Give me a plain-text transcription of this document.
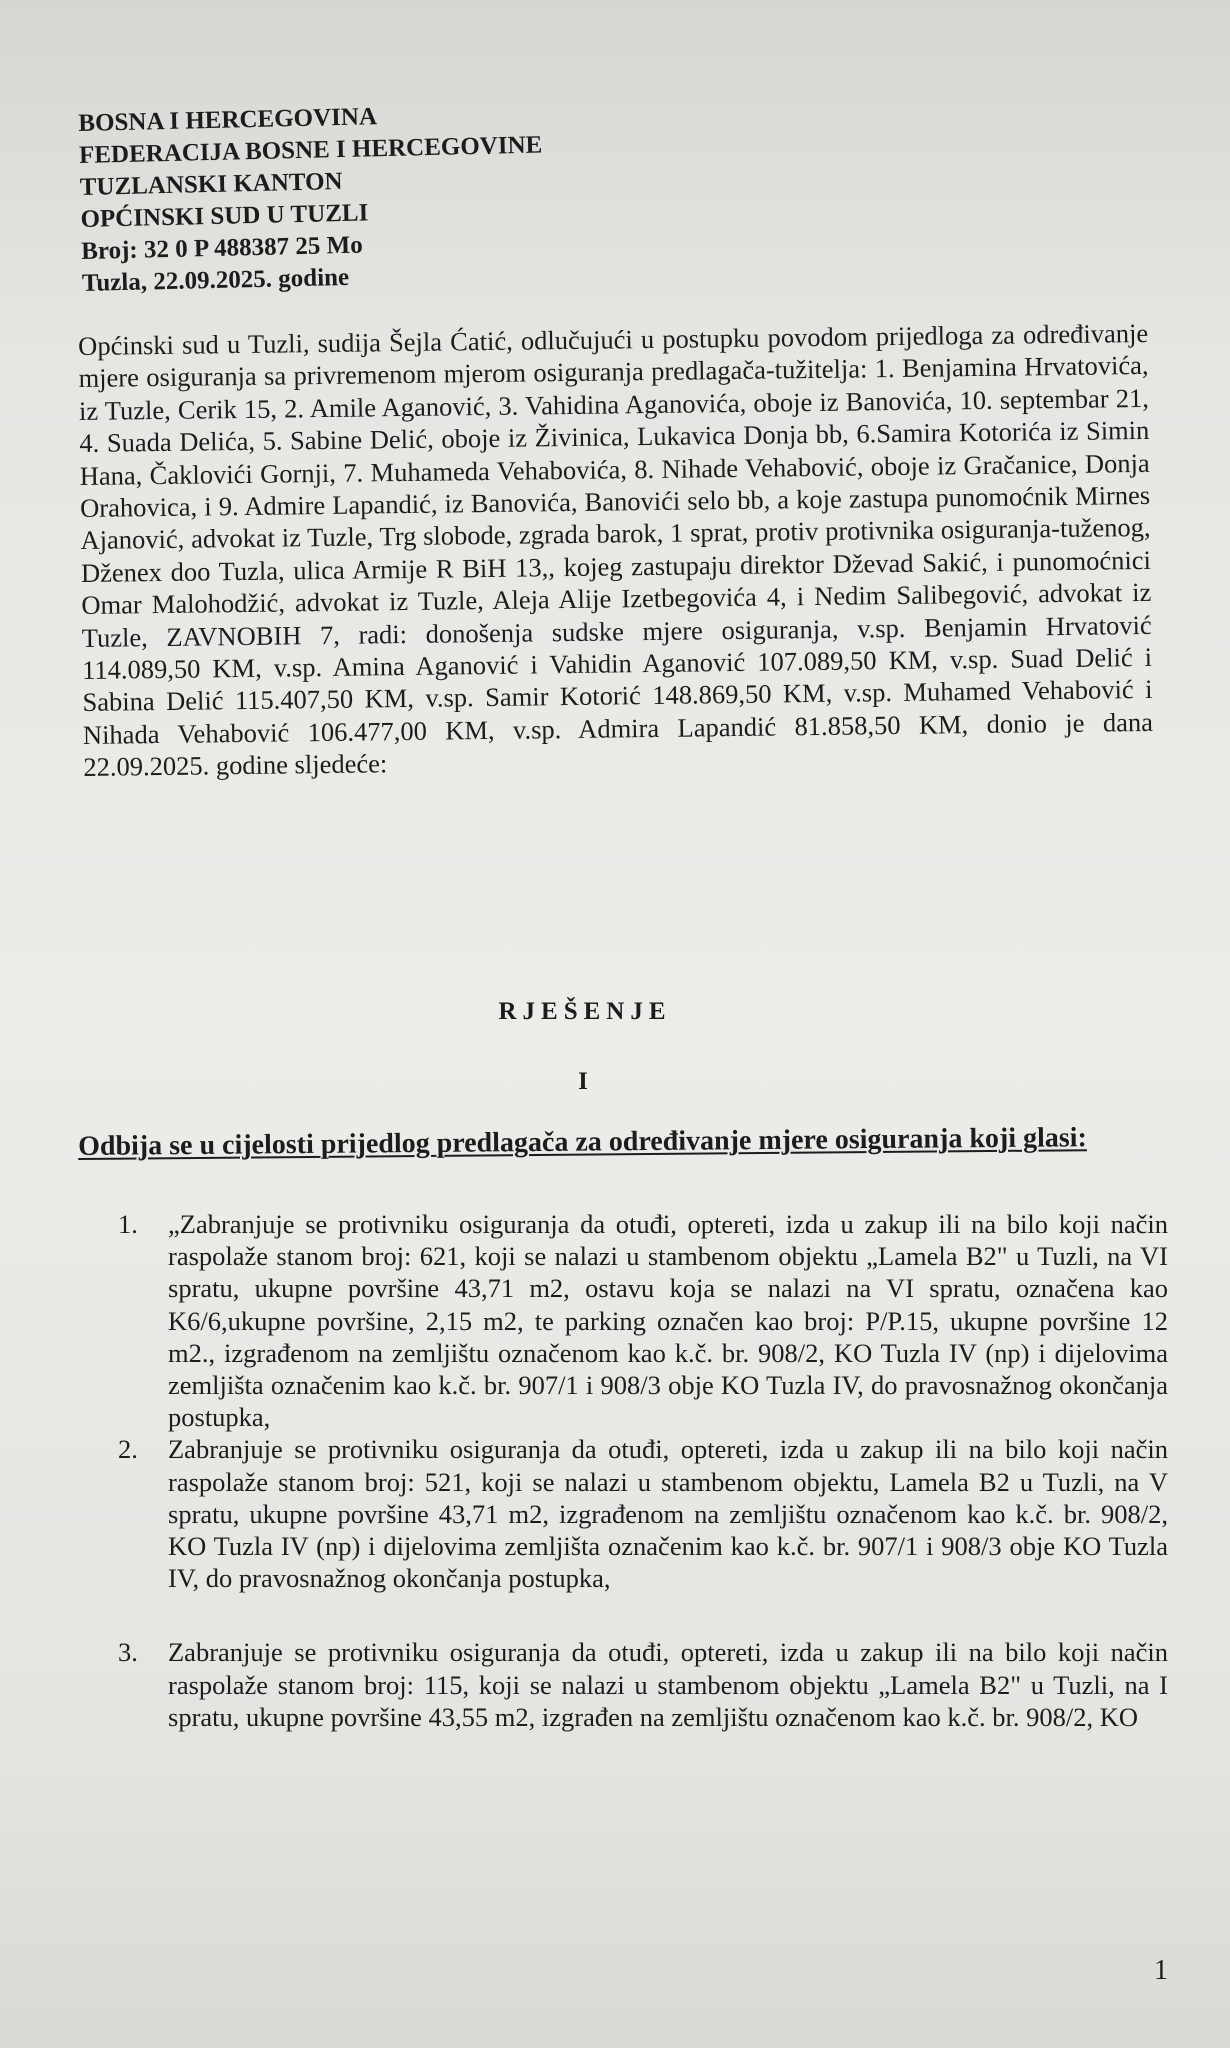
BOSNA I HERCEGOVINA
FEDERACIJA BOSNE I HERCEGOVINE
TUZLANSKI KANTON
OPĆINSKI SUD U TUZLI
Broj: 32 0 P 488387 25 Mo
Tuzla, 22.09.2025. godine
Općinski sud u Tuzli, sudija Šejla Ćatić, odlučujući u postupku povodom prijedloga za određivanje mjere osiguranja sa privremenom mjerom osiguranja predlagača-tužitelja: 1. Benjamina Hrvatovića, iz Tuzle, Cerik 15, 2. Amile Aganović, 3. Vahidina Aganovića, oboje iz Banovića, 10. septembar 21, 4. Suada Delića, 5. Sabine Delić, oboje iz Živinica, Lukavica Donja bb, 6.Samira Kotorića iz Simin Hana, Čaklovići Gornji, 7. Muhameda Vehabovića, 8. Nihade Vehabović, oboje iz Gračanice, Donja Orahovica, i 9. Admire Lapandić, iz Banovića, Banovići selo bb, a koje zastupa punomoćnik Mirnes Ajanović, advokat iz Tuzle, Trg slobode, zgrada barok, 1 sprat, protiv protivnika osiguranja-tuženog, Dženex doo Tuzla, ulica Armije R BiH 13,, kojeg zastupaju direktor Dževad Sakić, i punomoćnici Omar Malohodžić, advokat iz Tuzle, Aleja Alije Izetbegovića 4, i Nedim Salibegović, advokat iz Tuzle, ZAVNOBIH 7, radi: donošenja sudske mjere osiguranja, v.sp. Benjamin Hrvatović 114.089,50 KM, v.sp. Amina Aganović i Vahidin Aganović 107.089,50 KM, v.sp. Suad Delić i Sabina Delić 115.407,50 KM, v.sp. Samir Kotorić 148.869,50 KM, v.sp. Muhamed Vehabović i Nihada Vehabović 106.477,00 KM, v.sp. Admira Lapandić 81.858,50 KM, donio je dana 22.09.2025. godine sljedeće:
RJEŠENJE
I
Odbija se u cijelosti prijedlog predlagača za određivanje mjere osiguranja koji glasi:
1. „Zabranjuje se protivniku osiguranja da otuđi, optereti, izda u zakup ili na bilo koji način raspolaže stanom broj: 621, koji se nalazi u stambenom objektu „Lamela B2" u Tuzli, na VI spratu, ukupne površine 43,71 m2, ostavu koja se nalazi na VI spratu, označena kao K6/6,ukupne površine, 2,15 m2, te parking označen kao broj: P/P.15, ukupne površine 12 m2., izgrađenom na zemljištu označenom kao k.č. br. 908/2, KO Tuzla IV (np) i dijelovima zemljišta označenim kao k.č. br. 907/1 i 908/3 obje KO Tuzla IV, do pravosnažnog okončanja postupka,
2. Zabranjuje se protivniku osiguranja da otuđi, optereti, izda u zakup ili na bilo koji način raspolaže stanom broj: 521, koji se nalazi u stambenom objektu, Lamela B2 u Tuzli, na V spratu, ukupne površine 43,71 m2, izgrađenom na zemljištu označenom kao k.č. br. 908/2, KO Tuzla IV (np) i dijelovima zemljišta označenim kao k.č. br. 907/1 i 908/3 obje KO Tuzla IV, do pravosnažnog okončanja postupka,
3. Zabranjuje se protivniku osiguranja da otuđi, optereti, izda u zakup ili na bilo koji način raspolaže stanom broj: 115, koji se nalazi u stambenom objektu „Lamela B2" u Tuzli, na I spratu, ukupne površine 43,55 m2, izgrađen na zemljištu označenom kao k.č. br. 908/2, KO
1
